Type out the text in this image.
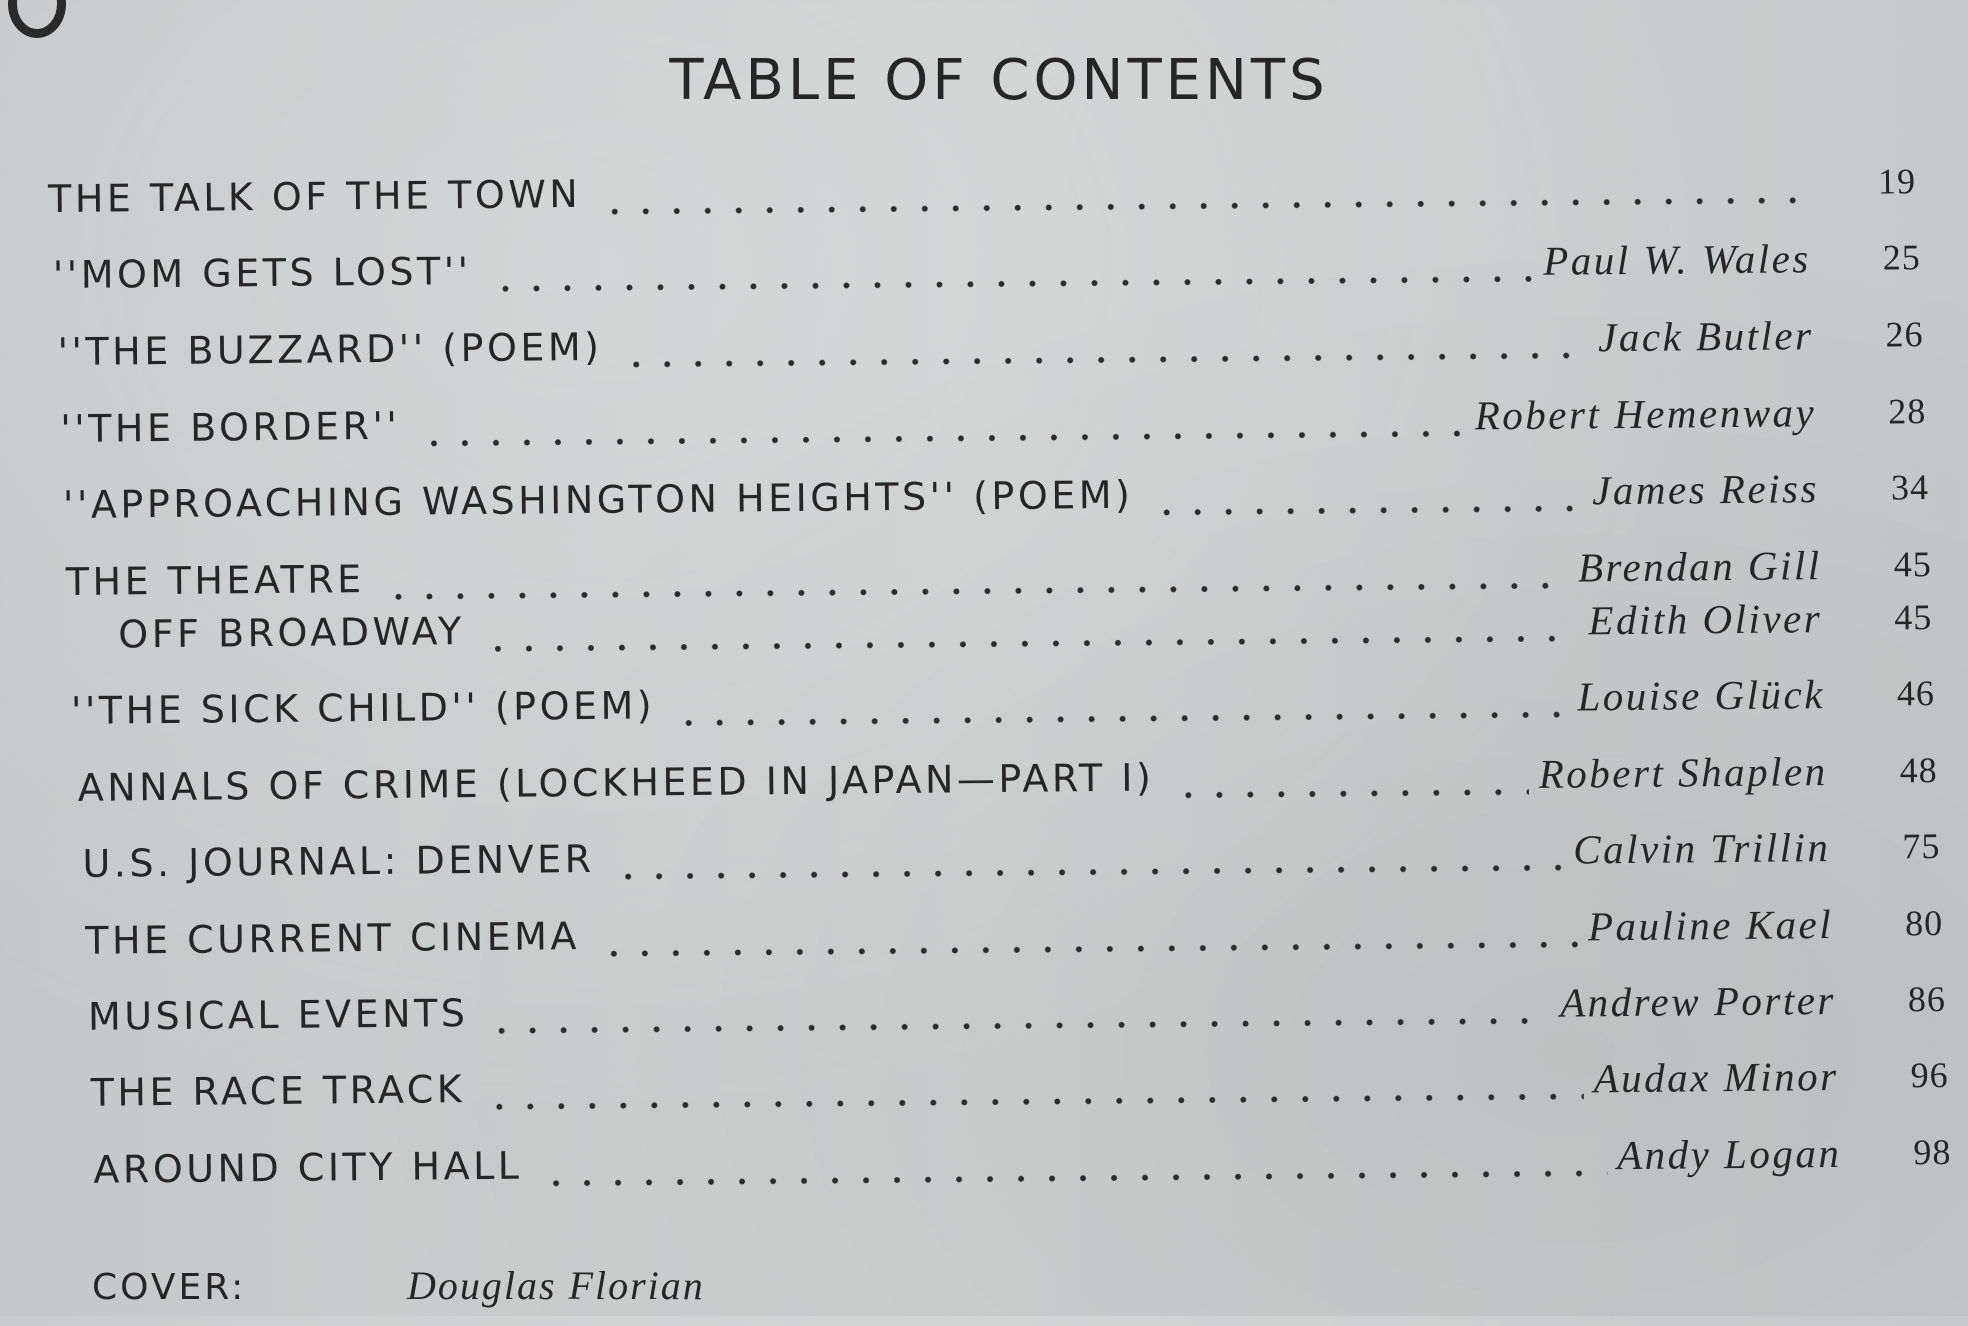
TABLE OF CONTENTS
THE TALK OF THE TOWN	19
''MOM GETS LOST''	Paul W. Wales	25
''THE BUZZARD'' (POEM)	Jack Butler	26
''THE BORDER''	Robert Hemenway	28
''APPROACHING WASHINGTON HEIGHTS'' (POEM)	James Reiss	34
THE THEATRE	Brendan Gill	45
OFF BROADWAY	Edith Oliver	45
''THE SICK CHILD'' (POEM)	Louise Glück	46
ANNALS OF CRIME (LOCKHEED IN JAPAN—PART I)	Robert Shaplen	48
U.S. JOURNAL: DENVER	Calvin Trillin	75
THE CURRENT CINEMA	Pauline Kael	80
MUSICAL EVENTS	Andrew Porter	86
THE RACE TRACK	Audax Minor	96
AROUND CITY HALL	Andy Logan	98
COVER:	Douglas Florian
